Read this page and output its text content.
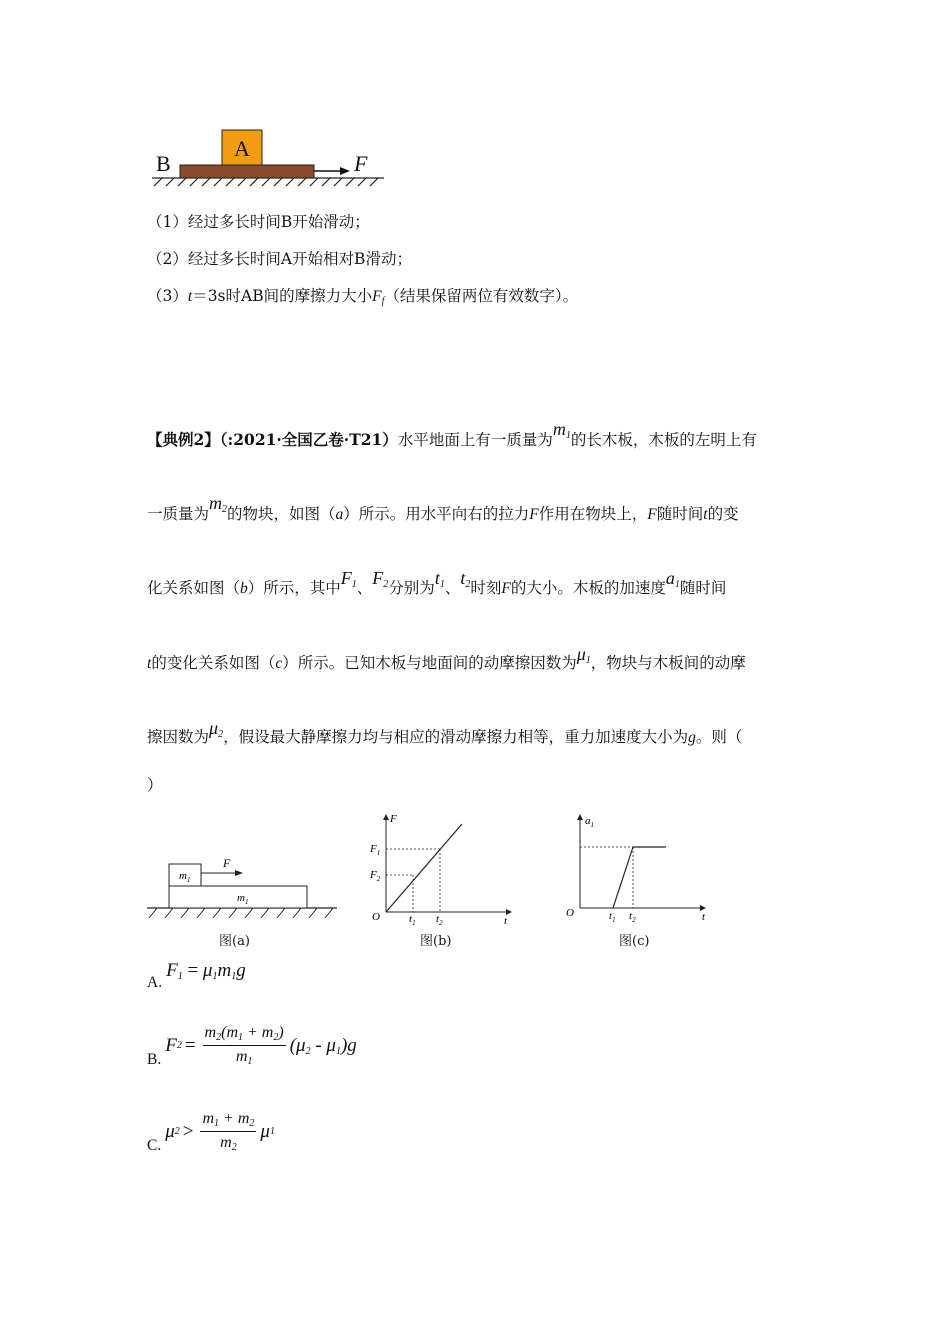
A
B	F
（1）经过多长时间B开始滑动；
（2）经过多长时间A开始相对B滑动；
（3）t＝3s时AB间的摩擦力大小$F_f$（结果保留两位有效数字）。
【典例2】（:2021·全国乙卷·T21）水平地面上有一质量为$m_1$的长木板，木板的左明上有
一质量为$m_2$的物块，如图（a）所示。用水平向右的拉力F作用在物块上，F随时间t的变
化关系如图（b）所示，其中$F_1$、$F_2$分别为$t_1$、$t_2$时刻F的大小。木板的加速度$a_1$随时间
t的变化关系如图（c）所示。已知木板与地面间的动摩擦因数为$\mu_1$，物块与木板间的动摩
擦因数为$\mu_2$，假设最大静摩擦力均与相应的滑动摩擦力相等，重力加速度大小为g。则（
）
$m_1$
$m_1$
F
图(a)
F
t
O
$F_1$
$F_2$
$t_1$ $t_2$
图(b)
$a_1$
t
O	$t_1$ $t_2$
图(c)
A.
$F_1 = \mu_1m_1g$
B.
F $2 = \frac{m_2(m_1 + m_2)}{m_1} (\mu_2 - \mu_1)g$
C.
μ $2 > \frac{m_1 + m_2}{m_2}$ μ 1
